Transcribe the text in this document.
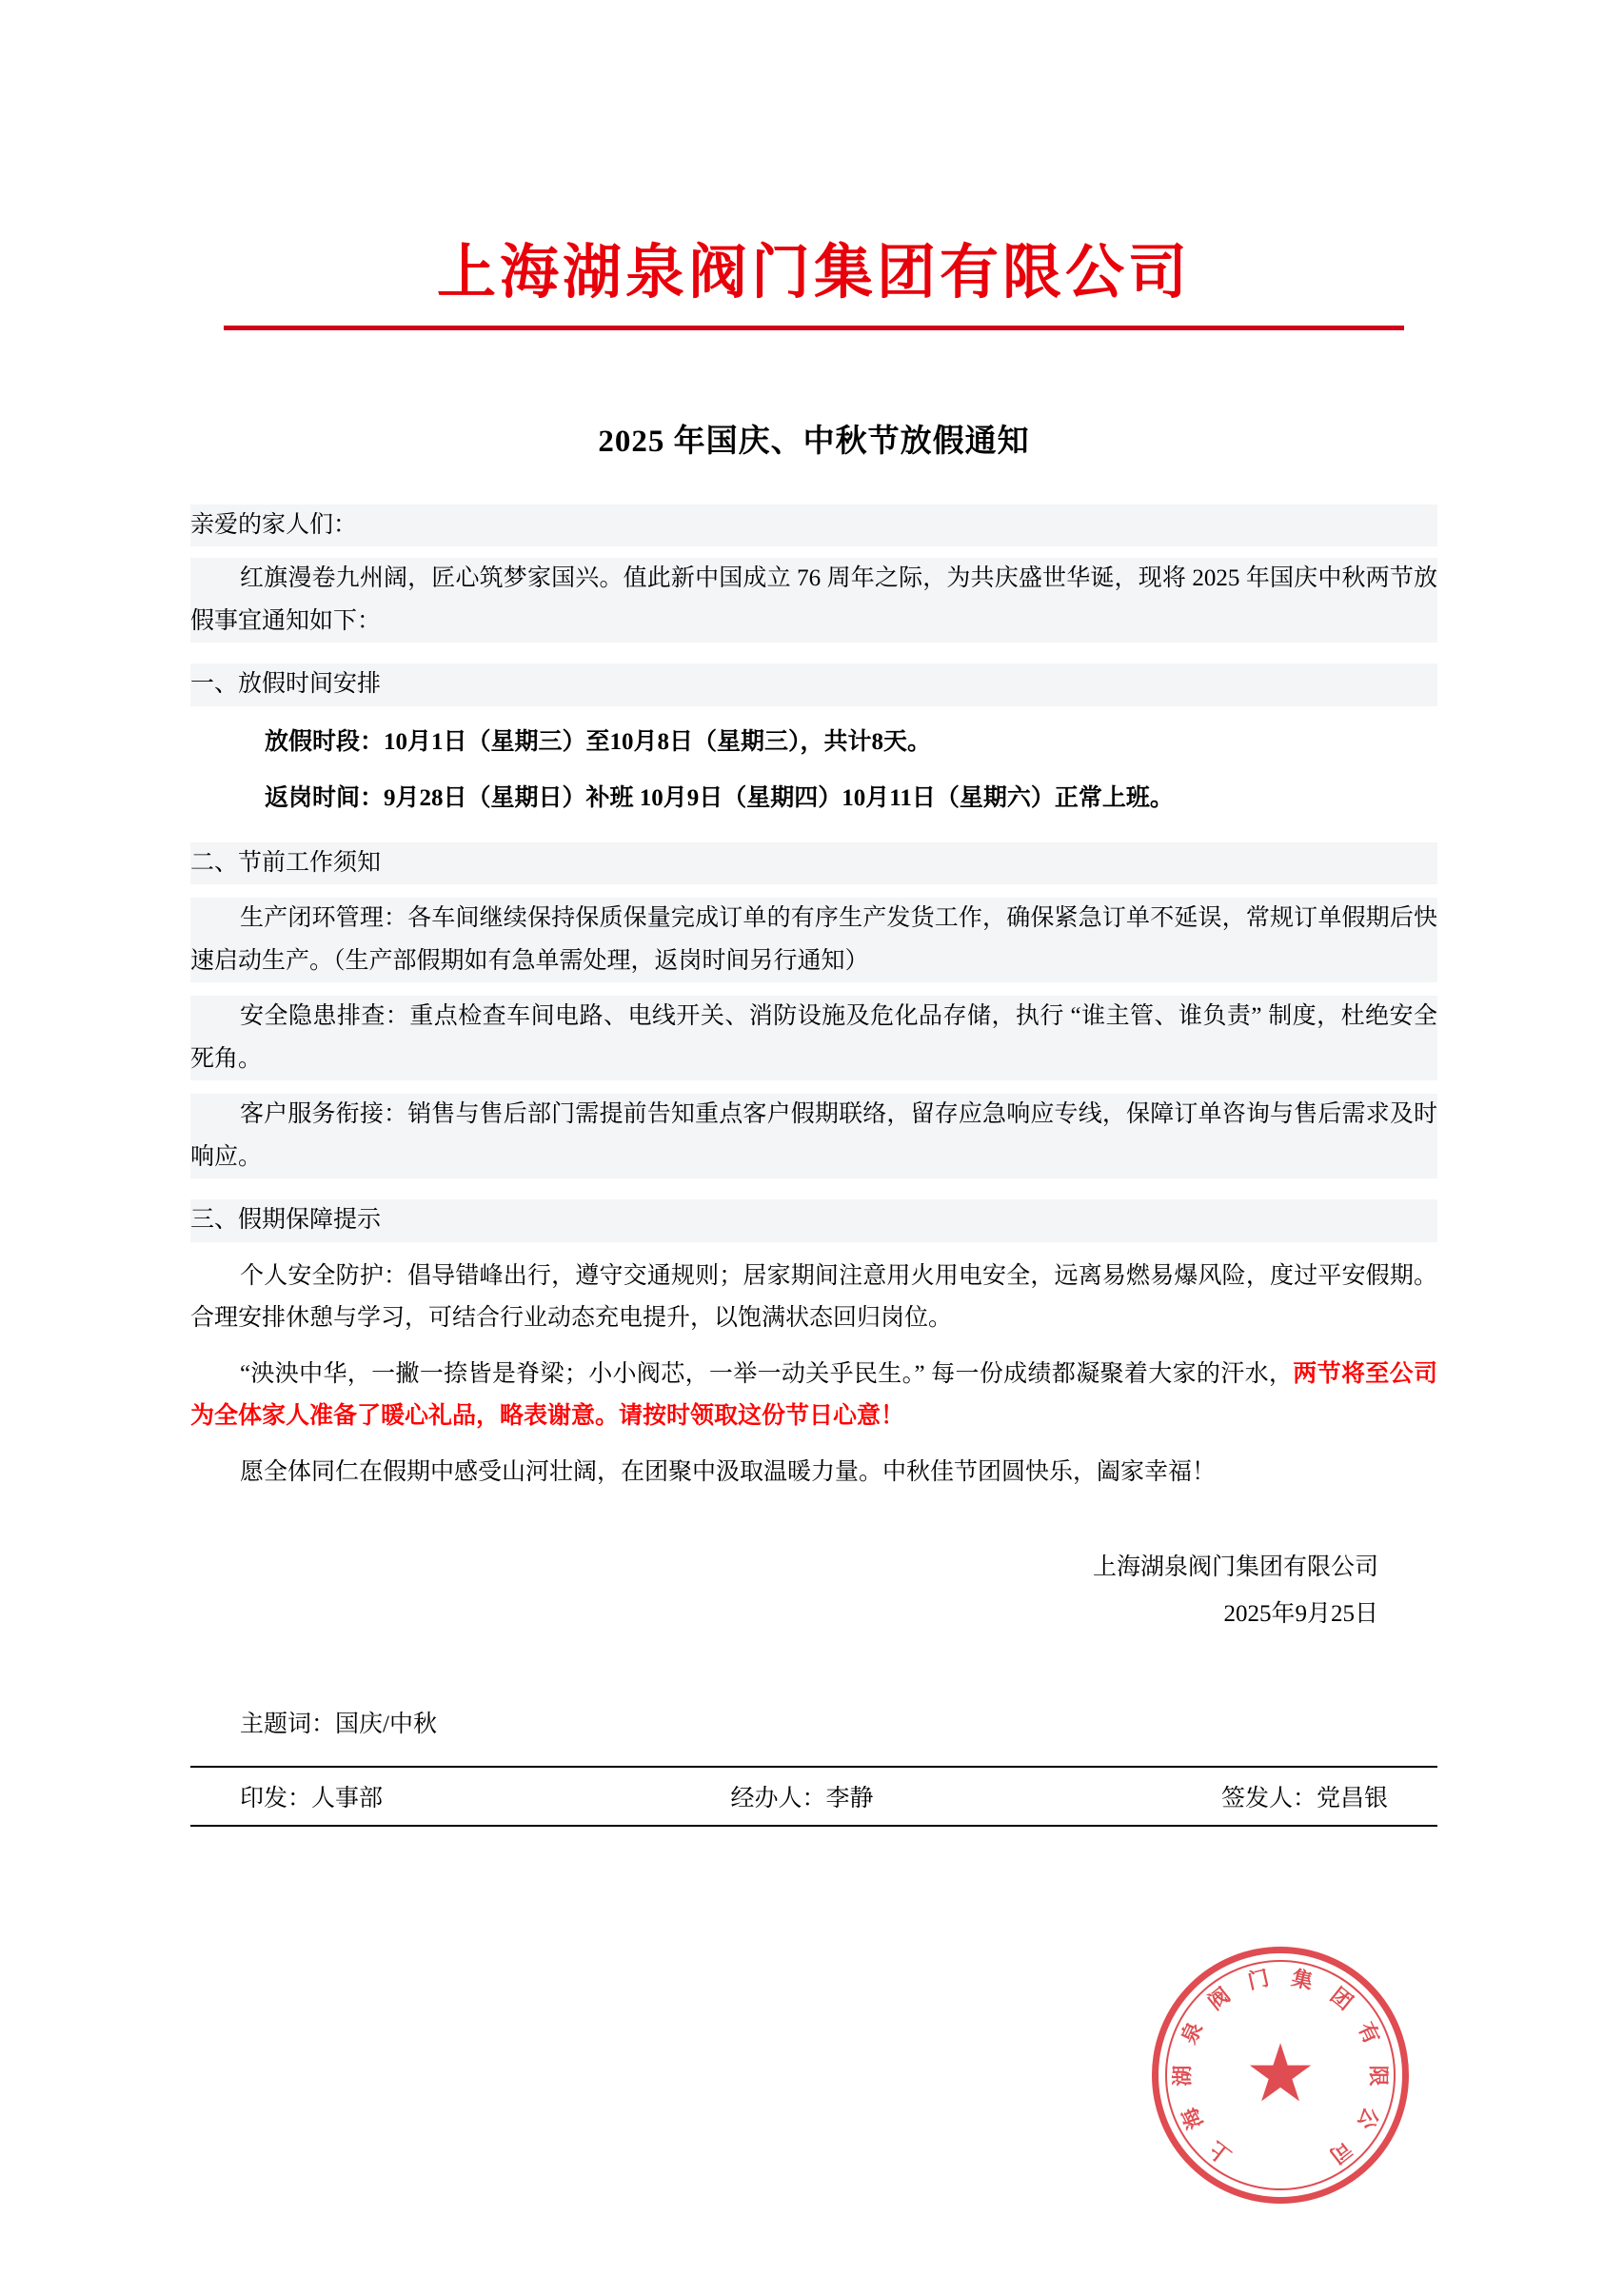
上海湖泉阀门集团有限公司
2025 年国庆、中秋节放假通知

亲爱的家人们：

红旗漫卷九州阔，匠心筑梦家国兴。值此新中国成立 76 周年之际，为共庆盛世华诞，现将 2025 年国庆中秋两节放假事宜通知如下：

一、放假时间安排

放假时段：10月1日（星期三）至10月8日（星期三），共计8天。

返岗时间：9月28日（星期日）补班 10月9日（星期四）10月11日（星期六）正常上班。

二、节前工作须知

生产闭环管理：各车间继续保持保质保量完成订单的有序生产发货工作，确保紧急订单不延误，常规订单假期后快速启动生产。（生产部假期如有急单需处理，返岗时间另行通知）

安全隐患排查：重点检查车间电路、电线开关、消防设施及危化品存储，执行 “谁主管、谁负责” 制度，杜绝安全死角。

客户服务衔接：销售与售后部门需提前告知重点客户假期联络，留存应急响应专线，保障订单咨询与售后需求及时响应。

三、假期保障提示

个人安全防护：倡导错峰出行，遵守交通规则；居家期间注意用火用电安全，远离易燃易爆风险，度过平安假期。合理安排休憩与学习，可结合行业动态充电提升，以饱满状态回归岗位。

“泱泱中华，一撇一捺皆是脊梁；小小阀芯，一举一动关乎民生。” 每一份成绩都凝聚着大家的汗水，两节将至公司为全体家人准备了暖心礼品，略表谢意。请按时领取这份节日心意！

愿全体同仁在假期中感受山河壮阔，在团聚中汲取温暖力量。中秋佳节团圆快乐，阖家幸福！

上海湖泉阀门集团有限公司
2025年9月25日
主题词：国庆/中秋
印发：人事部	经办人：李静	签发人：党昌银
上
海
湖
泉
阀
门 集
团
有
限
公
司
★
